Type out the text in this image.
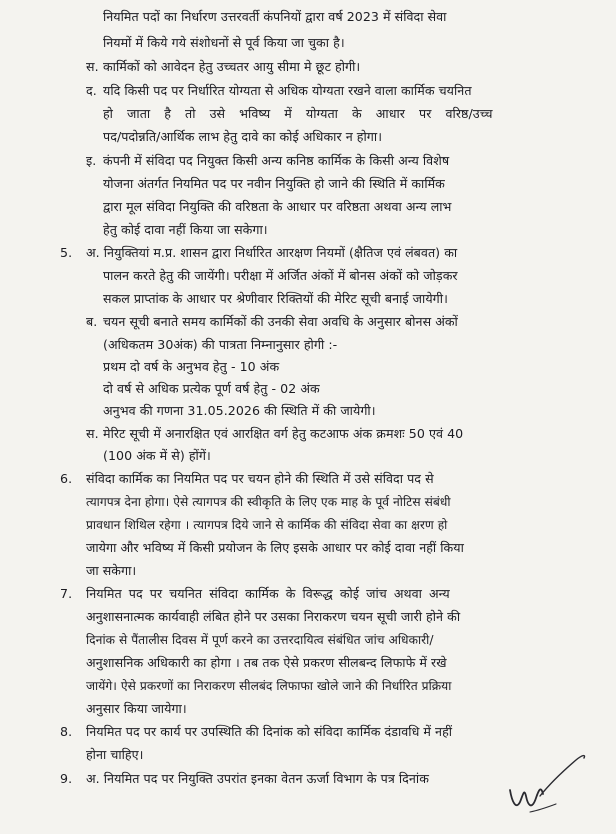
नियमित पदों का निर्धारण उत्तरवर्ती कंपनियों द्वारा वर्ष 2023 में संविदा सेवा
नियमों में किये गये संशोधनों से पूर्व किया जा चुका है।
स. कार्मिकों को आवेदन हेतु उच्चतर आयु सीमा मे छूट होगी।
द. यदि किसी पद पर निर्धारित योग्यता से अधिक योग्यता रखने वाला कार्मिक चयनित
हो जाता है तो उसे भविष्य में योग्यता के आधार पर वरिष्ठ/उच्च
पद/पदोन्नति/आर्थिक लाभ हेतु दावे का कोई अधिकार न होगा।
इ. कंपनी में संविदा पद नियुक्त किसी अन्य कनिष्ठ कार्मिक के किसी अन्य विशेष
योजना अंतर्गत नियमित पद पर नवीन नियुक्ति हो जाने की स्थिति में कार्मिक
द्वारा मूल संविदा नियुक्ति की वरिष्ठता के आधार पर वरिष्ठता अथवा अन्य लाभ
हेतु कोई दावा नहीं किया जा सकेगा।
5. अ. नियुक्तियां म.प्र. शासन द्वारा निर्धारित आरक्षण नियमों (क्षैतिज एवं लंबवत) का
पालन करते हेतु की जायेंगी। परीक्षा में अर्जित अंकों में बोनस अंकों को जोड़कर
सकल प्राप्तांक के आधार पर श्रेणीवार रिक्तियों की मेरिट सूची बनाई जायेगी।
ब. चयन सूची बनाते समय कार्मिकों की उनकी सेवा अवधि के अनुसार बोनस अंकों
(अधिकतम 30अंक) की पात्रता निम्नानुसार होगी :-
प्रथम दो वर्ष के अनुभव हेतु - 10 अंक
दो वर्ष से अधिक प्रत्येक पूर्ण वर्ष हेतु - 02 अंक
अनुभव की गणना 31.05.2026 की स्थिति में की जायेगी।
स. मेरिट सूची में अनारक्षित एवं आरक्षित वर्ग हेतु कटआफ अंक क्रमशः 50 एवं 40
(100 अंक में से) होंगें।
6. संविदा कार्मिक का नियमित पद पर चयन होने की स्थिति में उसे संविदा पद से
त्यागपत्र देना होगा। ऐसे त्यागपत्र की स्वीकृति के लिए एक माह के पूर्व नोटिस संबंधी
प्रावधान शिथिल रहेगा । त्यागपत्र दिये जाने से कार्मिक की संविदा सेवा का क्षरण हो
जायेगा और भविष्य में किसी प्रयोजन के लिए इसके आधार पर कोई दावा नहीं किया
जा सकेगा।
7. नियमित पद पर चयनित संविदा कार्मिक के विरूद्ध कोई जांच अथवा अन्य
अनुशासनात्मक कार्यवाही लंबित होने पर उसका निराकरण चयन सूची जारी होने की
दिनांक से पैंतालीस दिवस में पूर्ण करने का उत्तरदायित्व संबंधित जांच अधिकारी/
अनुशासनिक अधिकारी का होगा । तब तक ऐसे प्रकरण सीलबन्द लिफाफे में रखे
जायेंगे। ऐसे प्रकरणों का निराकरण सीलबंद लिफाफा खोले जाने की निर्धारित प्रक्रिया
अनुसार किया जायेगा।
8. नियमित पद पर कार्य पर उपस्थिति की दिनांक को संविदा कार्मिक दंडावधि में नहीं
होना चाहिए।
9. अ. नियमित पद पर नियुक्ति उपरांत इनका वेतन ऊर्जा विभाग के पत्र दिनांक
